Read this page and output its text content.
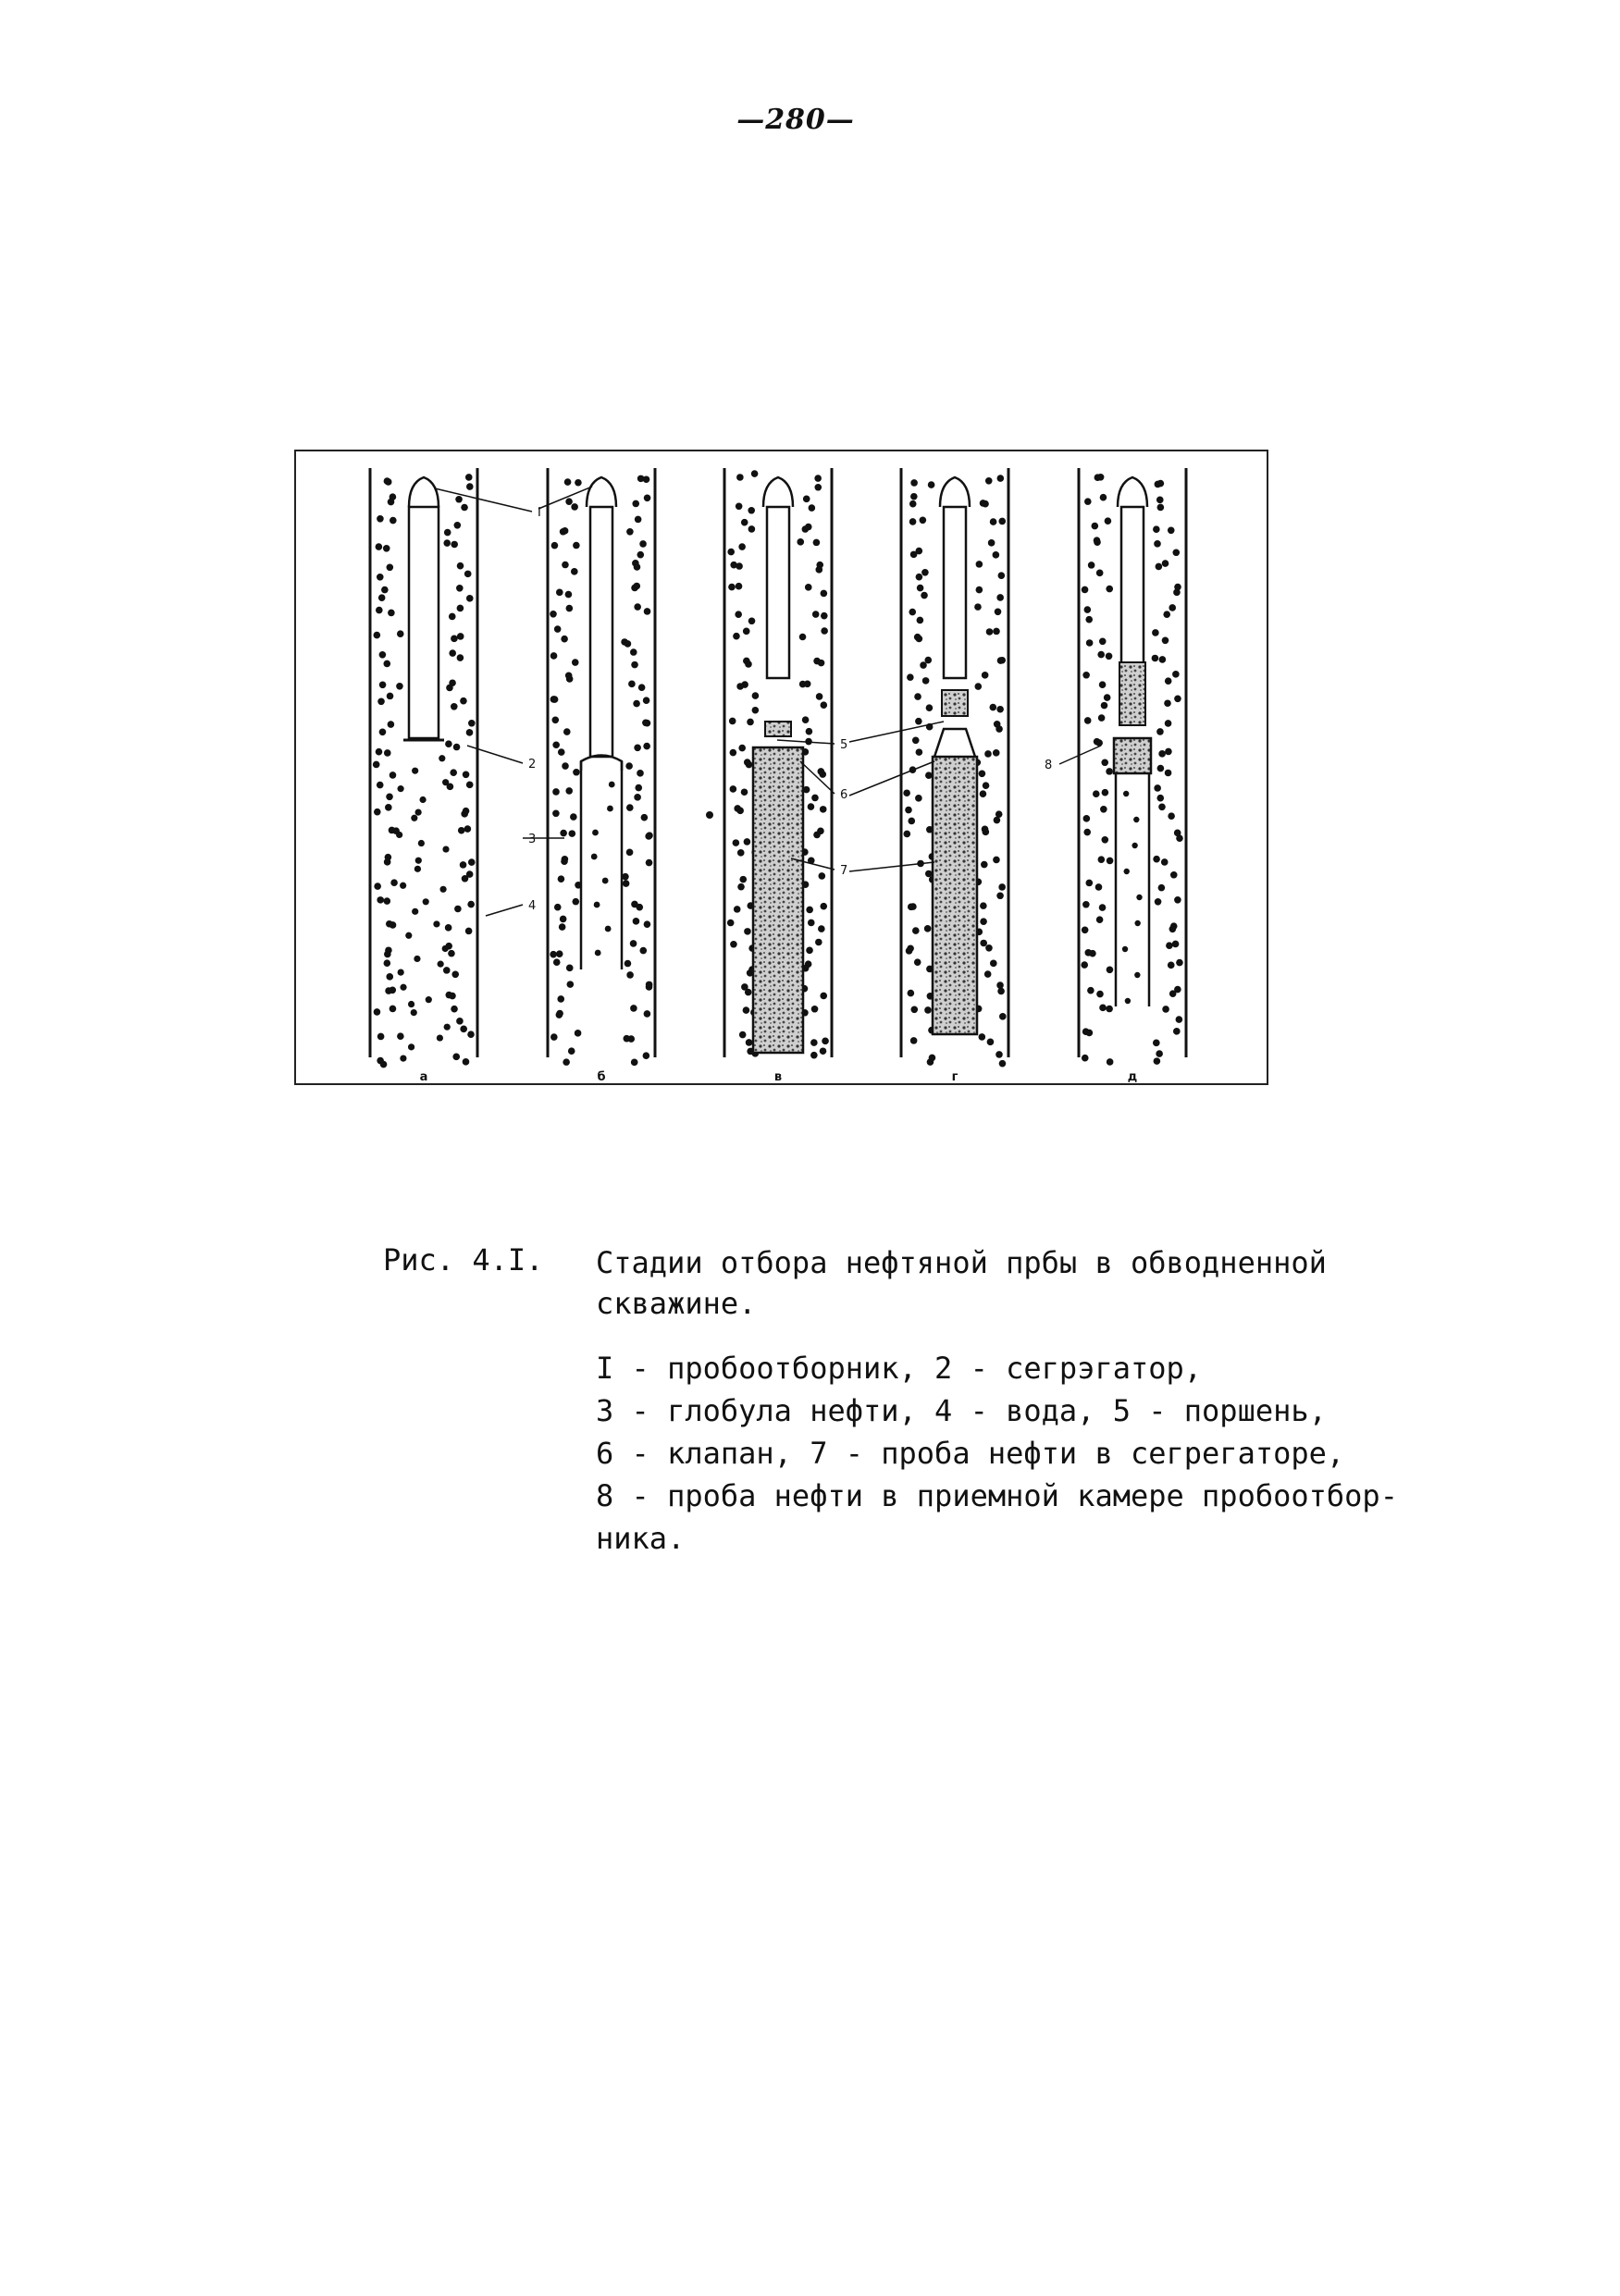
—280—
а	б	в	г	д
I
2
3
4
5
6
7
8
Рис. 4.I. Стадии отбора нефтяной прбы в обводненной скважине.
I - пробоотборник, 2 - сегрэгатор,
3 - глобула нефти, 4 - вода, 5 - поршень,
6 - клапан, 7 - проба нефти в сегрегаторе,
8 - проба нефти в приемной камере пробоотбор-
ника.
